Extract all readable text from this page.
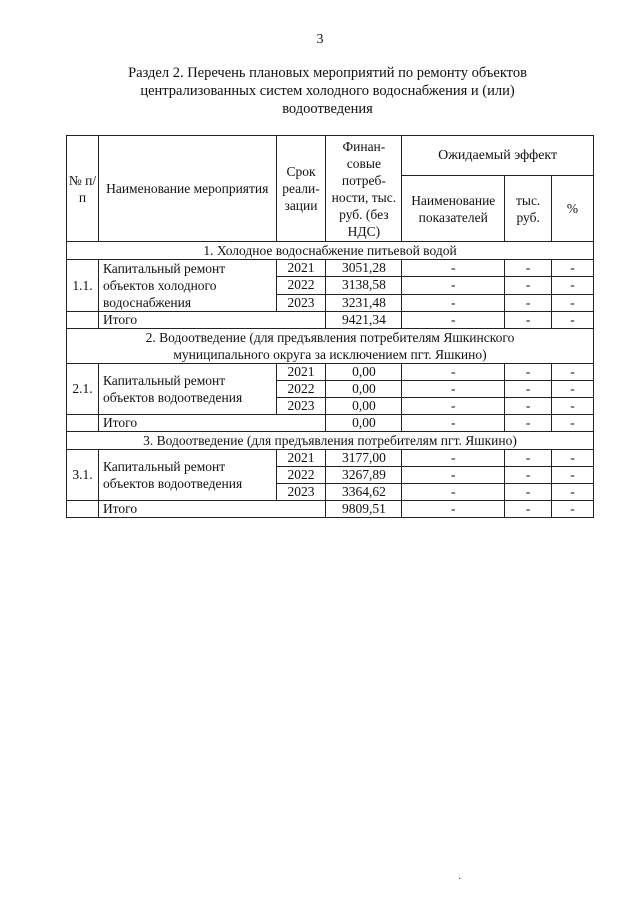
3
Раздел 2. Перечень плановых мероприятий по ремонту объектов
централизованных систем холодного водоснабжения и (или)
водоотведения
№ п/п	Наименование мероприятия	Срок реали-зации	Финан-совые потреб-ности, тыс. руб. (без НДС)	Ожидаемый эффект		
				Наименование показателей	тыс. руб.	%
1. Холодное водоснабжение питьевой водой						
1.1.	Капитальный ремонт объектов холодного водоснабжения	2021	3051,28	-	-	-
		2022	3138,58	-	-	-
		2023	3231,48	-	-	-
	Итого		9421,34	-	-	-
2. Водоотведение (для предъявления потребителям Яшкинского муниципального округа за исключением пгт. Яшкино)						
2.1.	Капитальный ремонт объектов водоотведения	2021	0,00	-	-	-
		2022	0,00	-	-	-
		2023	0,00	-	-	-
	Итого		0,00	-	-	-
3. Водоотведение (для предъявления потребителям пгт. Яшкино)						
3.1.	Капитальный ремонт объектов водоотведения	2021	3177,00	-	-	-
		2022	3267,89	-	-	-
		2023	3364,62	-	-	-
	Итого		9809,51	-	-	-
·
